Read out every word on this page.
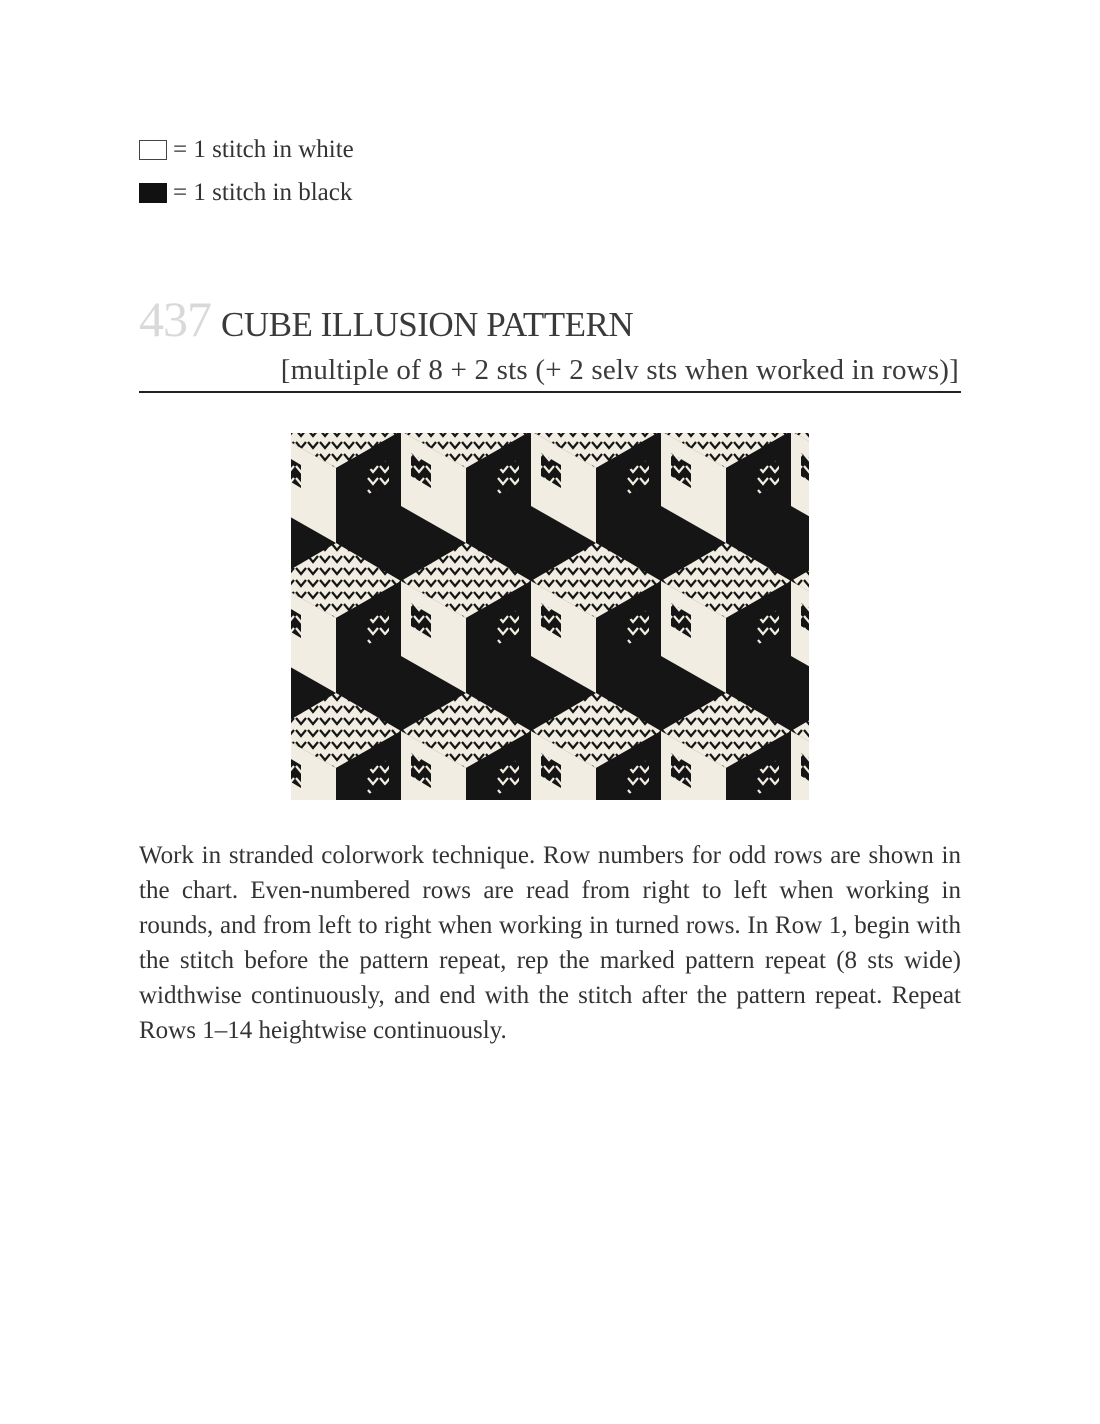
= 1 stitch in white
= 1 stitch in black
437 CUBE ILLUSION PATTERN
[multiple of 8 + 2 sts (+ 2 selv sts when worked in rows)]
Work in stranded colorwork technique. Row numbers for odd rows are shown in the chart. Even-numbered rows are read from right to left when working in rounds, and from left to right when working in turned rows. In Row 1, begin with the stitch before the pattern repeat, rep the marked pattern repeat (8 sts wide) widthwise continuously, and end with the stitch after the pattern repeat. Repeat Rows 1–14 heightwise continuously.
